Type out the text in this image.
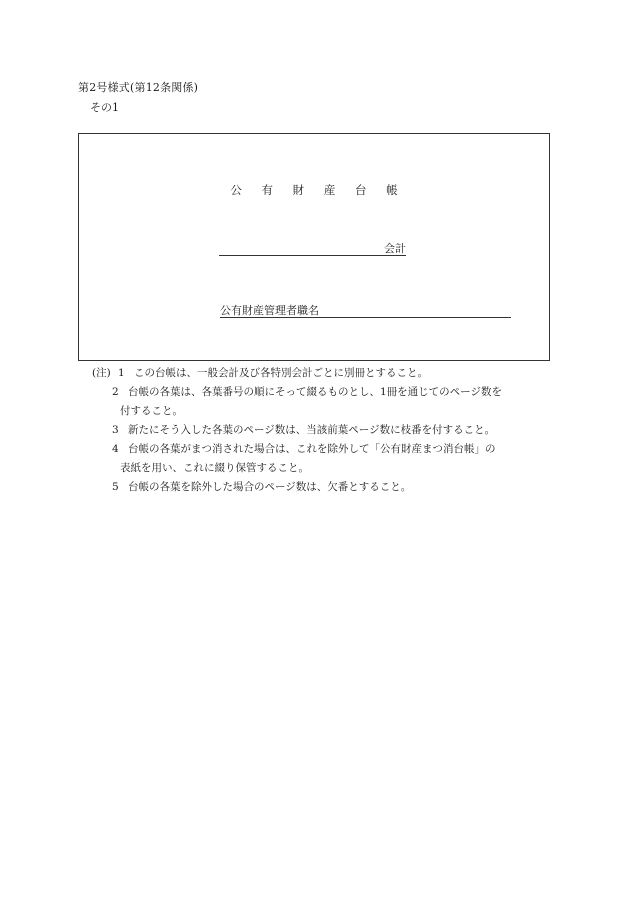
第2号様式(第12条関係)
その1
公 有 財 産 台 帳
会計
公有財産管理者職名
(注) 1 この台帳は、一般会計及び各特別会計ごとに別冊とすること。
2 台帳の各葉は、各葉番号の順にそって綴るものとし、1冊を通じてのページ数を
付すること。
3 新たにそう入した各葉のページ数は、当該前葉ページ数に枝番を付すること。
4 台帳の各葉がまつ消された場合は、これを除外して「公有財産まつ消台帳」の
表紙を用い、これに綴り保管すること。
5 台帳の各葉を除外した場合のページ数は、欠番とすること。
